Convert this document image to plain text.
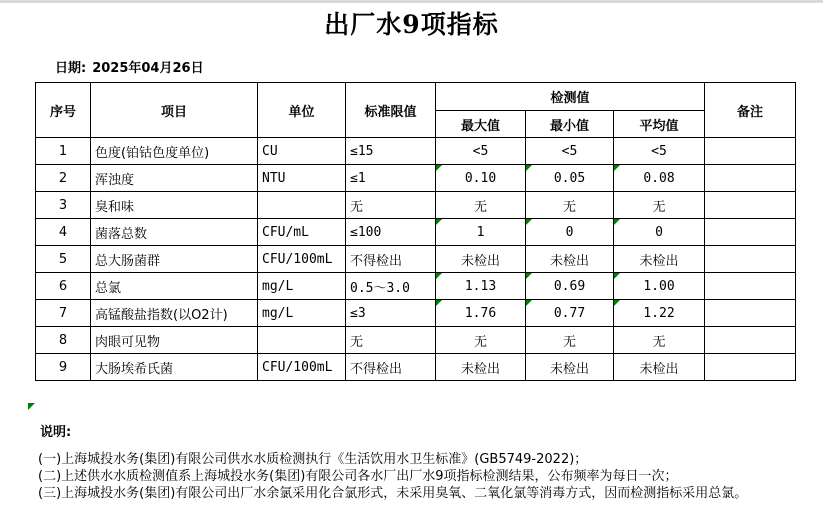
出厂水9项指标
日期: 2025年04月26日
序号	项目	单位	标准限值	检测值			备注
				最大值	最小值	平均值	
1	色度(铂钴色度单位)	CU	≤15	<5	<5	<5	
2	浑浊度	NTU	≤1	0.10	0.05	0.08	
3	臭和味		无	无	无	无	
4	菌落总数	CFU/mL	≤100	1	0	0	
5	总大肠菌群	CFU/100mL	不得检出	未检出	未检出	未检出	
6	总氯	mg/L	0.5～3.0	1.13	0.69	1.00	
7	高锰酸盐指数(以O2计)	mg/L	≤3	1.76	0.77	1.22	
8	肉眼可见物		无	无	无	无	
9	大肠埃希氏菌	CFU/100mL	不得检出	未检出	未检出	未检出	
说明:
(一)上海城投水务(集团)有限公司供水水质检测执行《生活饮用水卫生标准》(GB5749-2022)；
(二)上述供水水质检测值系上海城投水务(集团)有限公司各水厂出厂水9项指标检测结果，公布频率为每日一次；
(三)上海城投水务(集团)有限公司出厂水余氯采用化合氯形式，未采用臭氧、二氧化氯等消毒方式，因而检测指标采用总氯。
